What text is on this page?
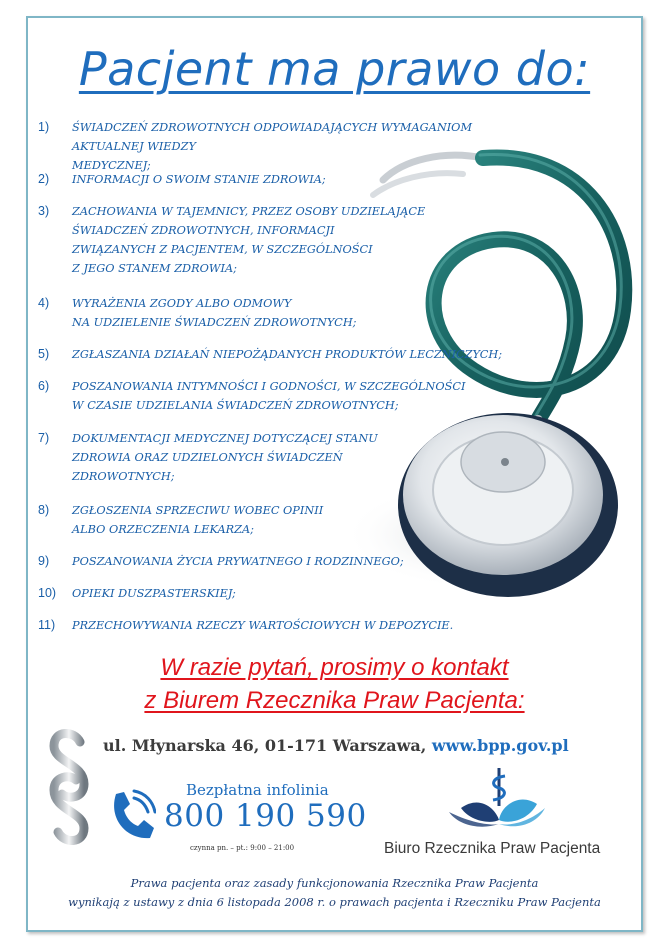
Pacjent ma prawo do:
1) ŚWIADCZEŃ ZDROWOTNYCH ODPOWIADAJĄCYCH WYMAGANIOM AKTUALNEJ WIEDZY
MEDYCZNEJ;
2) INFORMACJI O SWOIM STANIE ZDROWIA;
3) ZACHOWANIA W TAJEMNICY, PRZEZ OSOBY UDZIELAJĄCE
ŚWIADCZEŃ ZDROWOTNYCH, INFORMACJI
ZWIĄZANYCH Z PACJENTEM, W SZCZEGÓLNOŚCI
Z JEGO STANEM ZDROWIA;
4) WYRAŻENIA ZGODY ALBO ODMOWY
NA UDZIELENIE ŚWIADCZEŃ ZDROWOTNYCH;
5) ZGŁASZANIA DZIAŁAŃ NIEPOŻĄDANYCH PRODUKTÓW LECZNICZYCH;
6) POSZANOWANIA INTYMNOŚCI I GODNOŚCI, W SZCZEGÓLNOŚCI
W CZASIE UDZIELANIA ŚWIADCZEŃ ZDROWOTNYCH;
7) DOKUMENTACJI MEDYCZNEJ DOTYCZĄCEJ STANU
ZDROWIA ORAZ UDZIELONYCH ŚWIADCZEŃ
ZDROWOTNYCH;
8) ZGŁOSZENIA SPRZECIWU WOBEC OPINII
ALBO ORZECZENIA LEKARZA;
9) POSZANOWANIA ŻYCIA PRYWATNEGO I RODZINNEGO;
10) OPIEKI DUSZPASTERSKIEJ;
11) PRZECHOWYWANIA RZECZY WARTOŚCIOWYCH W DEPOZYCIE.
W razie pytań, prosimy o kontakt
z Biurem Rzecznika Praw Pacjenta:
ul. Młynarska 46, 01-171 Warszawa, www.bpp.gov.pl
Bezpłatna infolinia
800 190 590
czynna pn. – pt.: 9:00 – 21:00	Biuro Rzecznika Praw Pacjenta
Prawa pacjenta oraz zasady funkcjonowania Rzecznika Praw Pacjenta
wynikają z ustawy z dnia 6 listopada 2008 r. o prawach pacjenta i Rzeczniku Praw Pacjenta
